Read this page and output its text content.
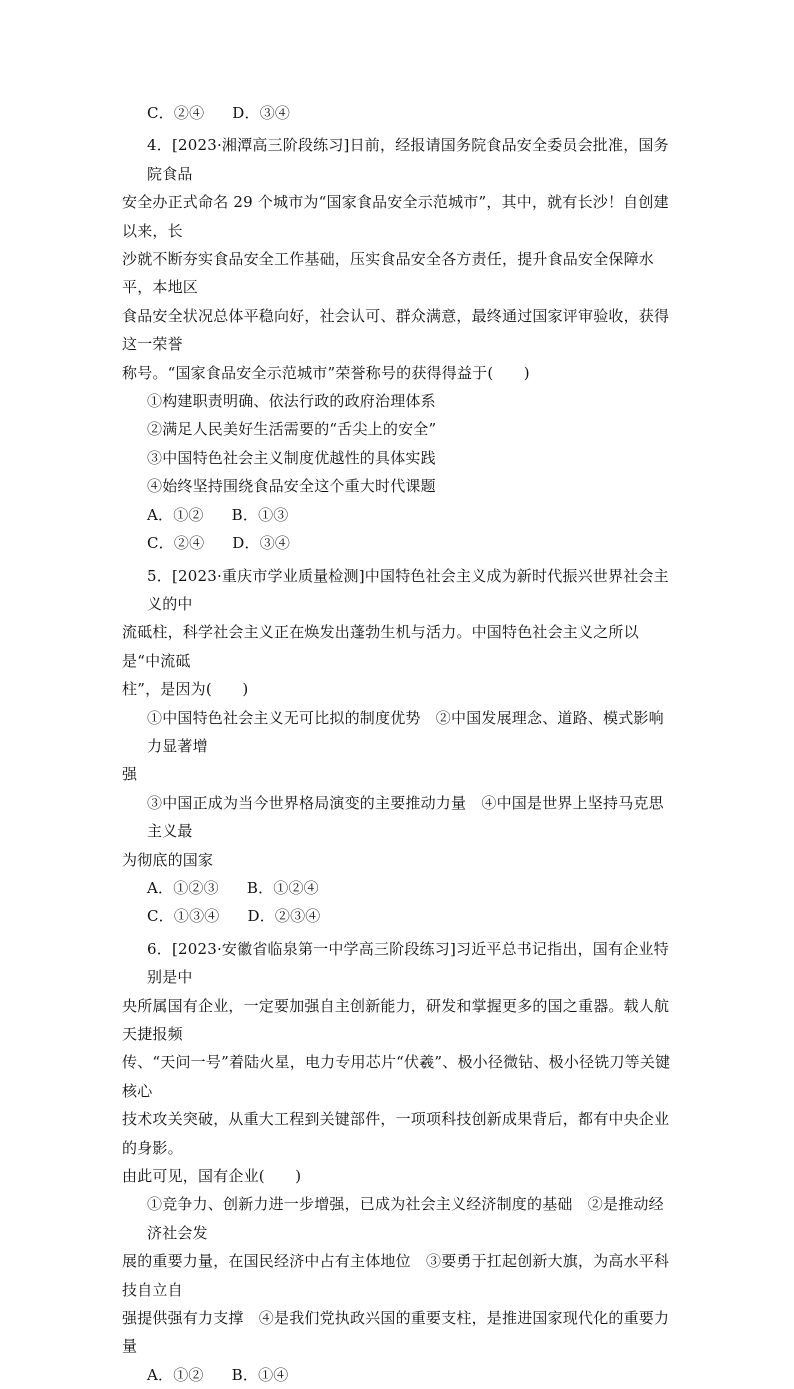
C．②④ D．③④

4．[2023·湘潭高三阶段练习]日前，经报请国务院食品安全委员会批准，国务院食品

安全办正式命名 29 个城市为“国家食品安全示范城市”，其中，就有长沙！自创建以来，长

沙就不断夯实食品安全工作基础，压实食品安全各方责任，提升食品安全保障水平，本地区

食品安全状况总体平稳向好，社会认可、群众满意，最终通过国家评审验收，获得这一荣誉

称号。“国家食品安全示范城市”荣誉称号的获得得益于(　　)

①构建职责明确、依法行政的政府治理体系

②满足人民美好生活需要的“舌尖上的安全”

③中国特色社会主义制度优越性的具体实践

④始终坚持围绕食品安全这个重大时代课题

A．①② B．①③
C．②④ D．③④

5．[2023·重庆市学业质量检测]中国特色社会主义成为新时代振兴世界社会主义的中

流砥柱，科学社会主义正在焕发出蓬勃生机与活力。中国特色社会主义之所以是“中流砥

柱”，是因为(　　)

①中国特色社会主义无可比拟的制度优势　②中国发展理念、道路、模式影响力显著增

强

③中国正成为当今世界格局演变的主要推动力量　④中国是世界上坚持马克思主义最

为彻底的国家

A．①②③ B．①②④
C．①③④ D．②③④

6．[2023·安徽省临泉第一中学高三阶段练习]习近平总书记指出，国有企业特别是中

央所属国有企业，一定要加强自主创新能力，研发和掌握更多的国之重器。载人航天捷报频

传、“天问一号”着陆火星，电力专用芯片“伏羲”、极小径微钻、极小径铣刀等关键核心

技术攻关突破，从重大工程到关键部件，一项项科技创新成果背后，都有中央企业的身影。

由此可见，国有企业(　　)

①竞争力、创新力进一步增强，已成为社会主义经济制度的基础　②是推动经济社会发

展的重要力量，在国民经济中占有主体地位　③要勇于扛起创新大旗，为高水平科技自立自

强提供强有力支撑　④是我们党执政兴国的重要支柱，是推进国家现代化的重要力量

A．①② B．①④
